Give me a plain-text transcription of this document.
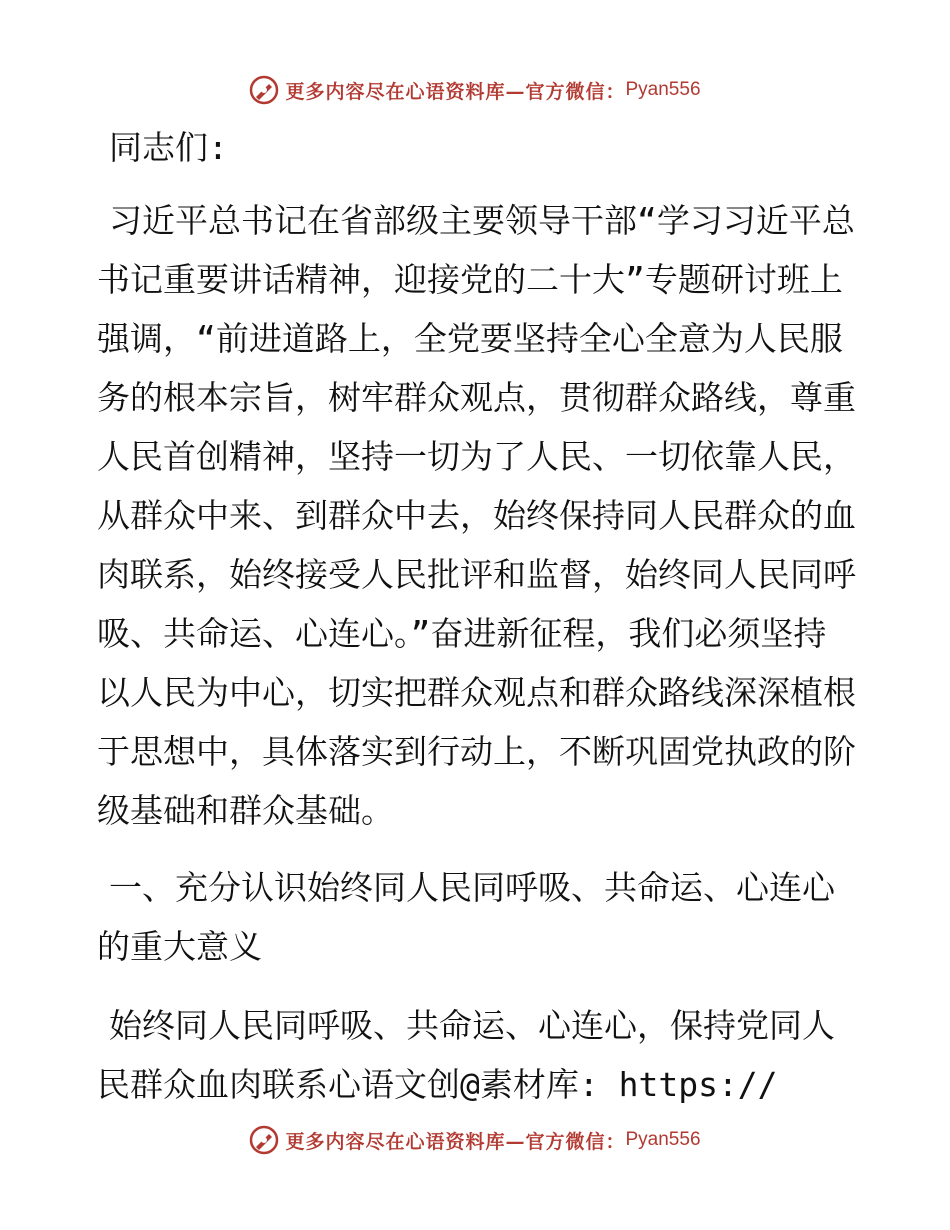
更多内容尽在心语资料库—官方微信： Pyan556

同志们:

习近平总书记在省部级主要领导干部“学习习近平总书记重要讲话精神，迎接党的二十大”专题研讨班上强调，“前进道路上，全党要坚持全心全意为人民服务的根本宗旨，树牢群众观点，贯彻群众路线，尊重人民首创精神，坚持一切为了人民、一切依靠人民，从群众中来、到群众中去，始终保持同人民群众的血肉联系，始终接受人民批评和监督，始终同人民同呼吸、共命运、心连心。”奋进新征程，我们必须坚持以人民为中心，切实把群众观点和群众路线深深植根于思想中，具体落实到行动上，不断巩固党执政的阶级基础和群众基础。

一、充分认识始终同人民同呼吸、共命运、心连心的重大意义

始终同人民同呼吸、共命运、心连心，保持党同人民群众血肉联系心语文创@素材库: https://

更多内容尽在心语资料库—官方微信： Pyan556
